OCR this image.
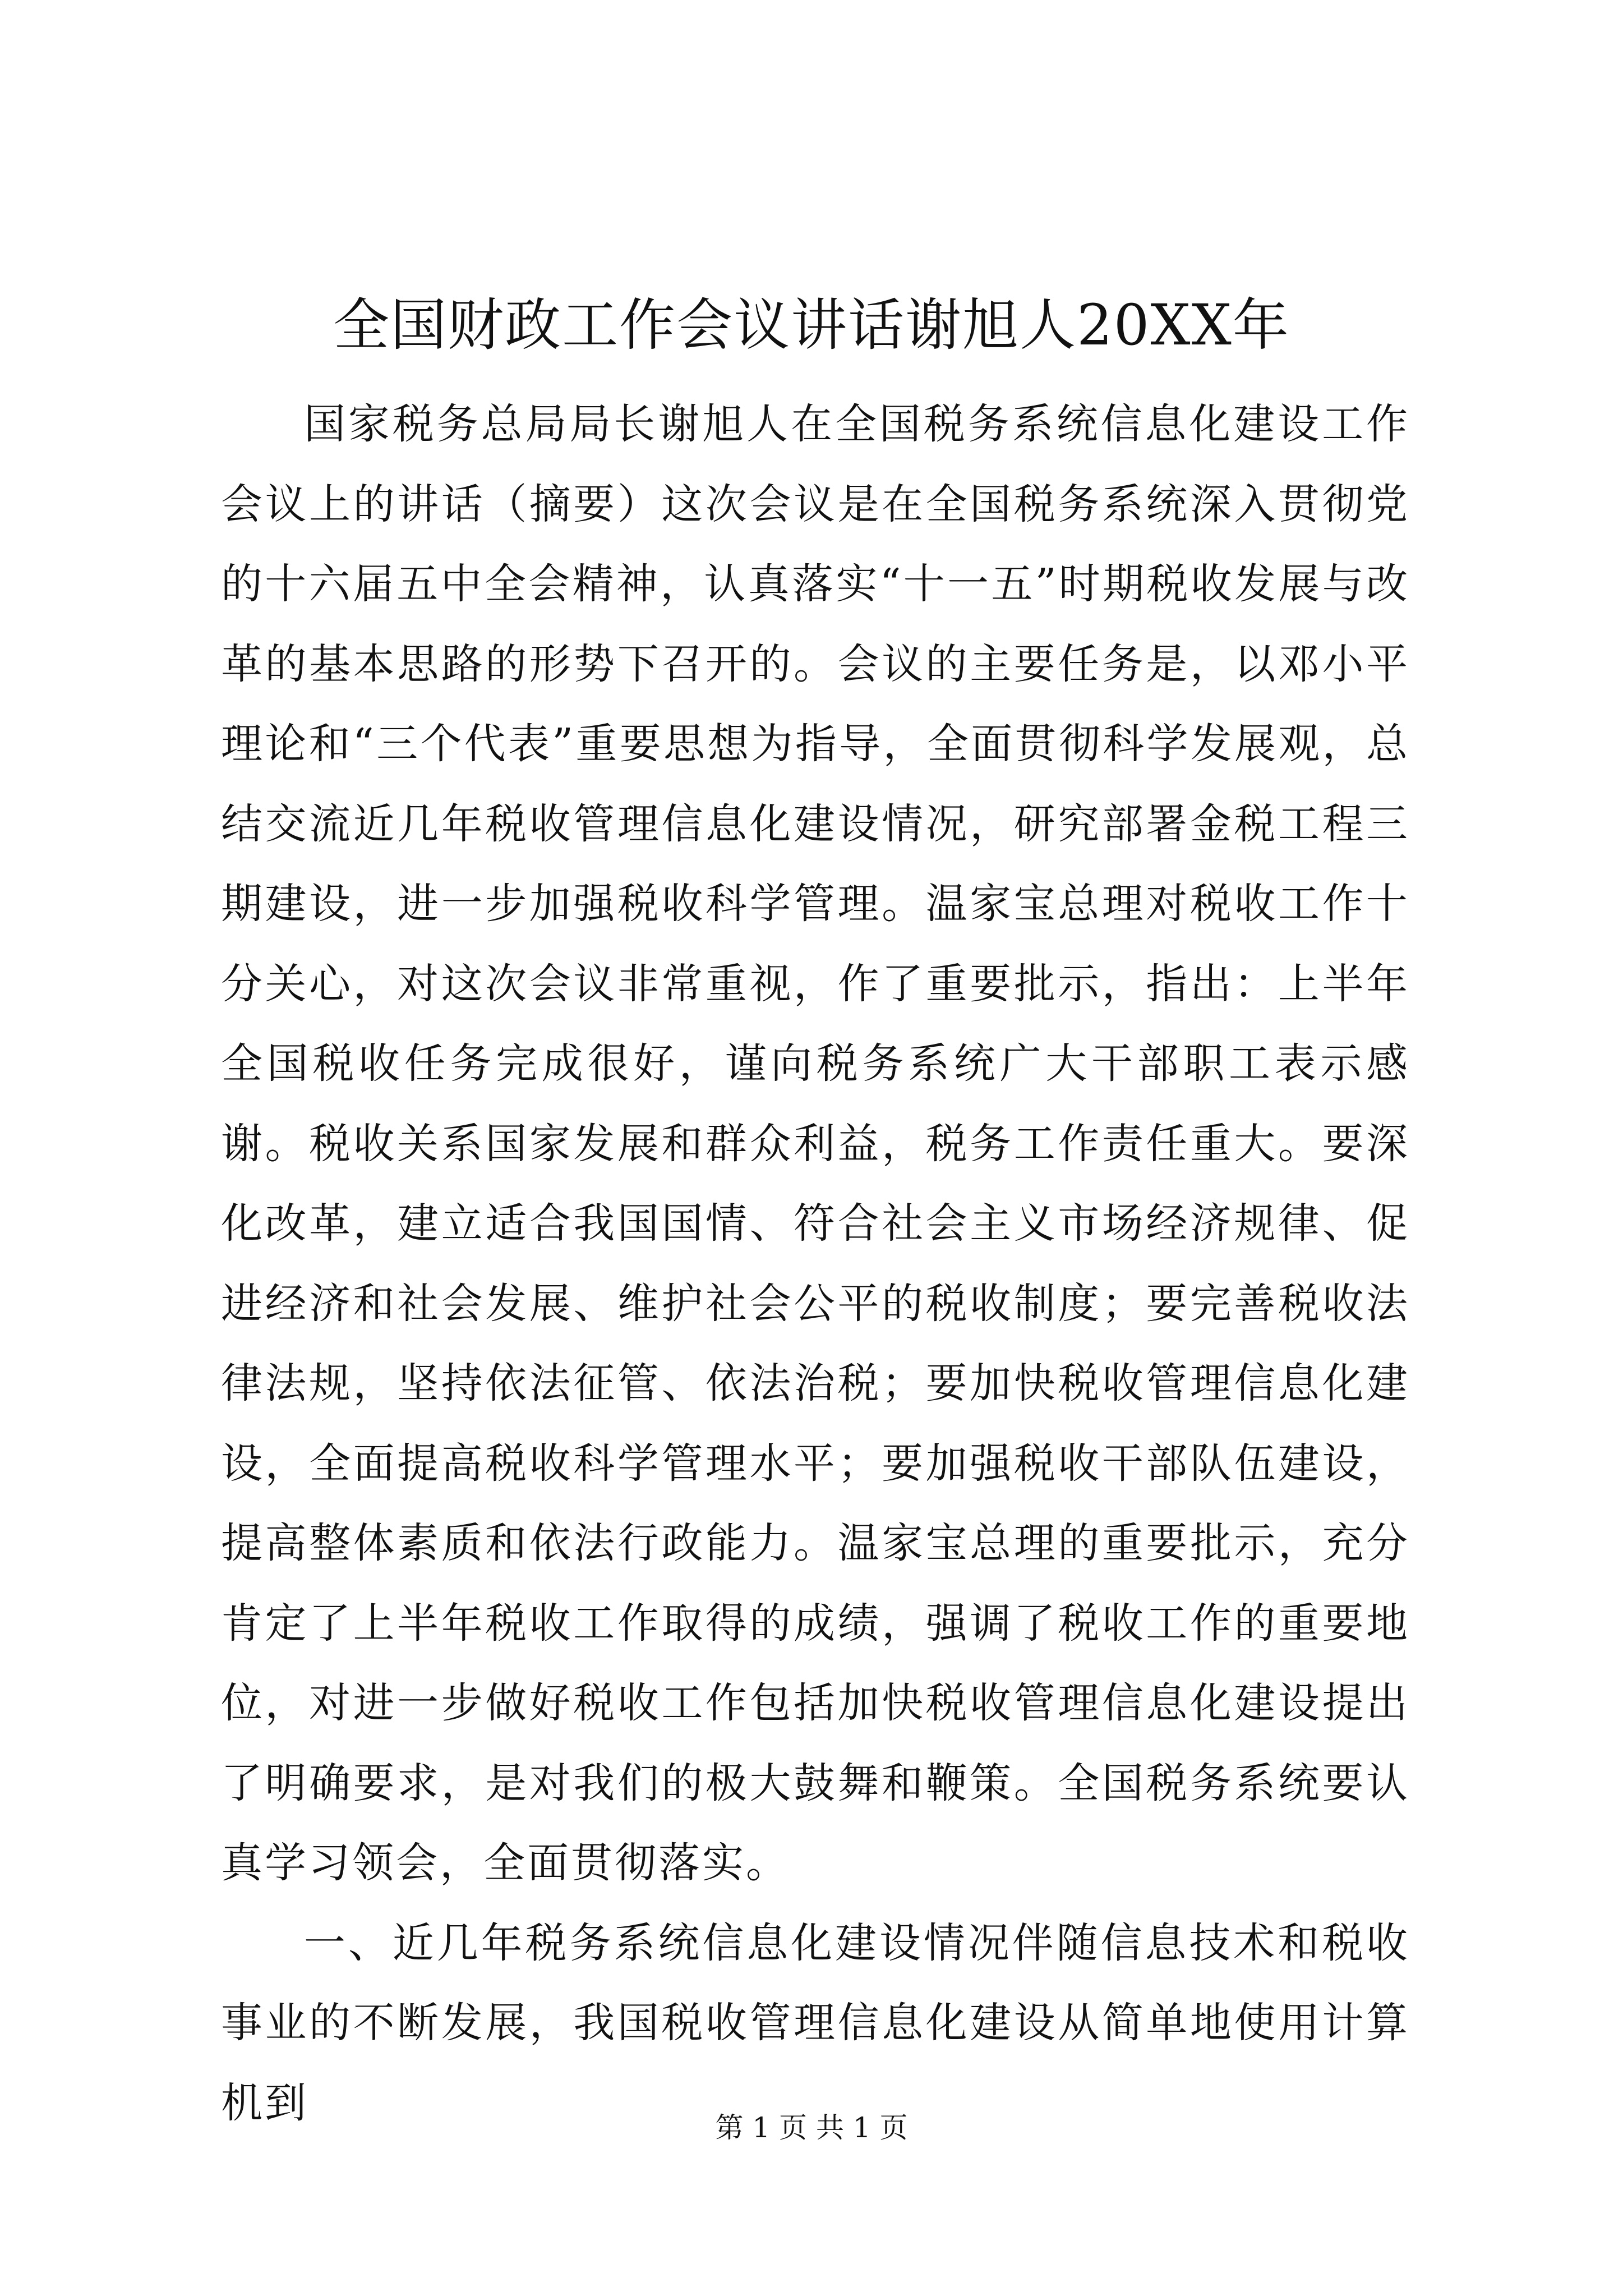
全国财政工作会议讲话谢旭人20XX年

国家税务总局局长谢旭人在全国税务系统信息化建设工作会议上的讲话（摘要）这次会议是在全国税务系统深入贯彻党的十六届五中全会精神，认真落实“十一五”时期税收发展与改革的基本思路的形势下召开的。会议的主要任务是，以邓小平理论和“三个代表”重要思想为指导，全面贯彻科学发展观，总结交流近几年税收管理信息化建设情况，研究部署金税工程三期建设，进一步加强税收科学管理。温家宝总理对税收工作十分关心，对这次会议非常重视，作了重要批示，指出：上半年全国税收任务完成很好，谨向税务系统广大干部职工表示感谢。税收关系国家发展和群众利益，税务工作责任重大。要深化改革，建立适合我国国情、符合社会主义市场经济规律、促进经济和社会发展、维护社会公平的税收制度；要完善税收法律法规，坚持依法征管、依法治税；要加快税收管理信息化建设，全面提高税收科学管理水平；要加强税收干部队伍建设，提高整体素质和依法行政能力。温家宝总理的重要批示，充分肯定了上半年税收工作取得的成绩，强调了税收工作的重要地位，对进一步做好税收工作包括加快税收管理信息化建设提出了明确要求，是对我们的极大鼓舞和鞭策。全国税务系统要认真学习领会，全面贯彻落实。

一、近几年税务系统信息化建设情况伴随信息技术和税收事业的不断发展，我国税收管理信息化建设从简单地使用计算机到

第 1 页 共 1 页
